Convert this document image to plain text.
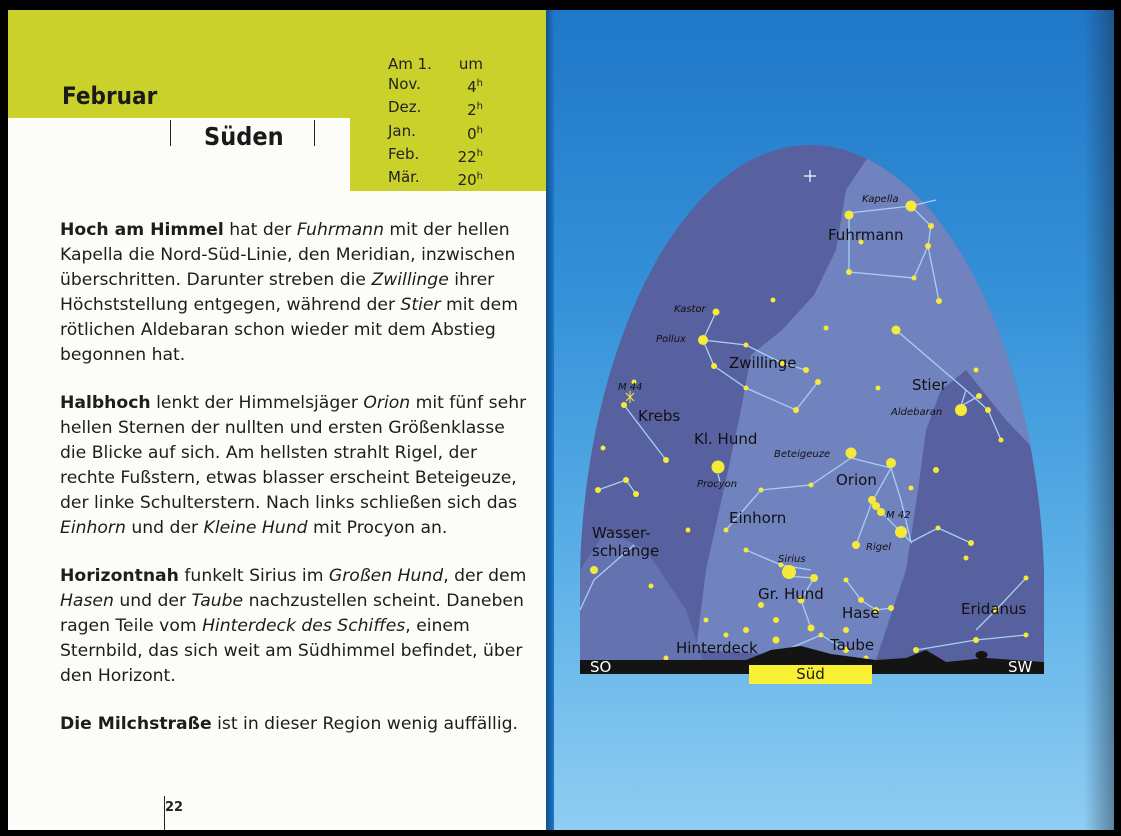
Februar
Süden
Am 1. um
Nov.	4$^h$
Dez.	2$^h$
Jan.	0$^h$
Feb.	22$^h$
Mär.	20$^h$

Hoch am Himmel hat der Fuhrmann mit der hellen Kapella die Nord-Süd-Linie, den Meridian, inzwischen überschritten. Darunter streben die Zwillinge ihrer Höchststellung entgegen, während der Stier mit dem rötlichen Aldebaran schon wieder mit dem Abstieg begonnen hat.

Halbhoch lenkt der Himmelsjäger Orion mit fünf sehr hellen Sternen der nullten und ersten Größenklasse die Blicke auf sich. Am hellsten strahlt Rigel, der rechte Fußstern, etwas blasser erscheint Beteigeuze, der linke Schulterstern. Nach links schließen sich das Einhorn und der Kleine Hund mit Procyon an.

Horizontnah funkelt Sirius im Großen Hund, der dem Hasen und der Taube nachzustellen scheint. Daneben ragen Teile vom Hinterdeck des Schiffes, einem Sternbild, das sich weit am Südhimmel befindet, über den Horizont.

Die Milchstraße ist in dieser Region wenig auffällig.

22
Fuhrmann
Zwillinge
Stier
Krebs
Kl. Hund
Orion
Einhorn
Wasser-
schlange
Gr. Hund
Hase	Eridanus
Hinterdeck	Taube
Kapella
Kastor
Pollux
M 44
Aldebaran
Beteigeuze
Procyon
M 42
Rigel
Sirius
SO	SW
Süd
